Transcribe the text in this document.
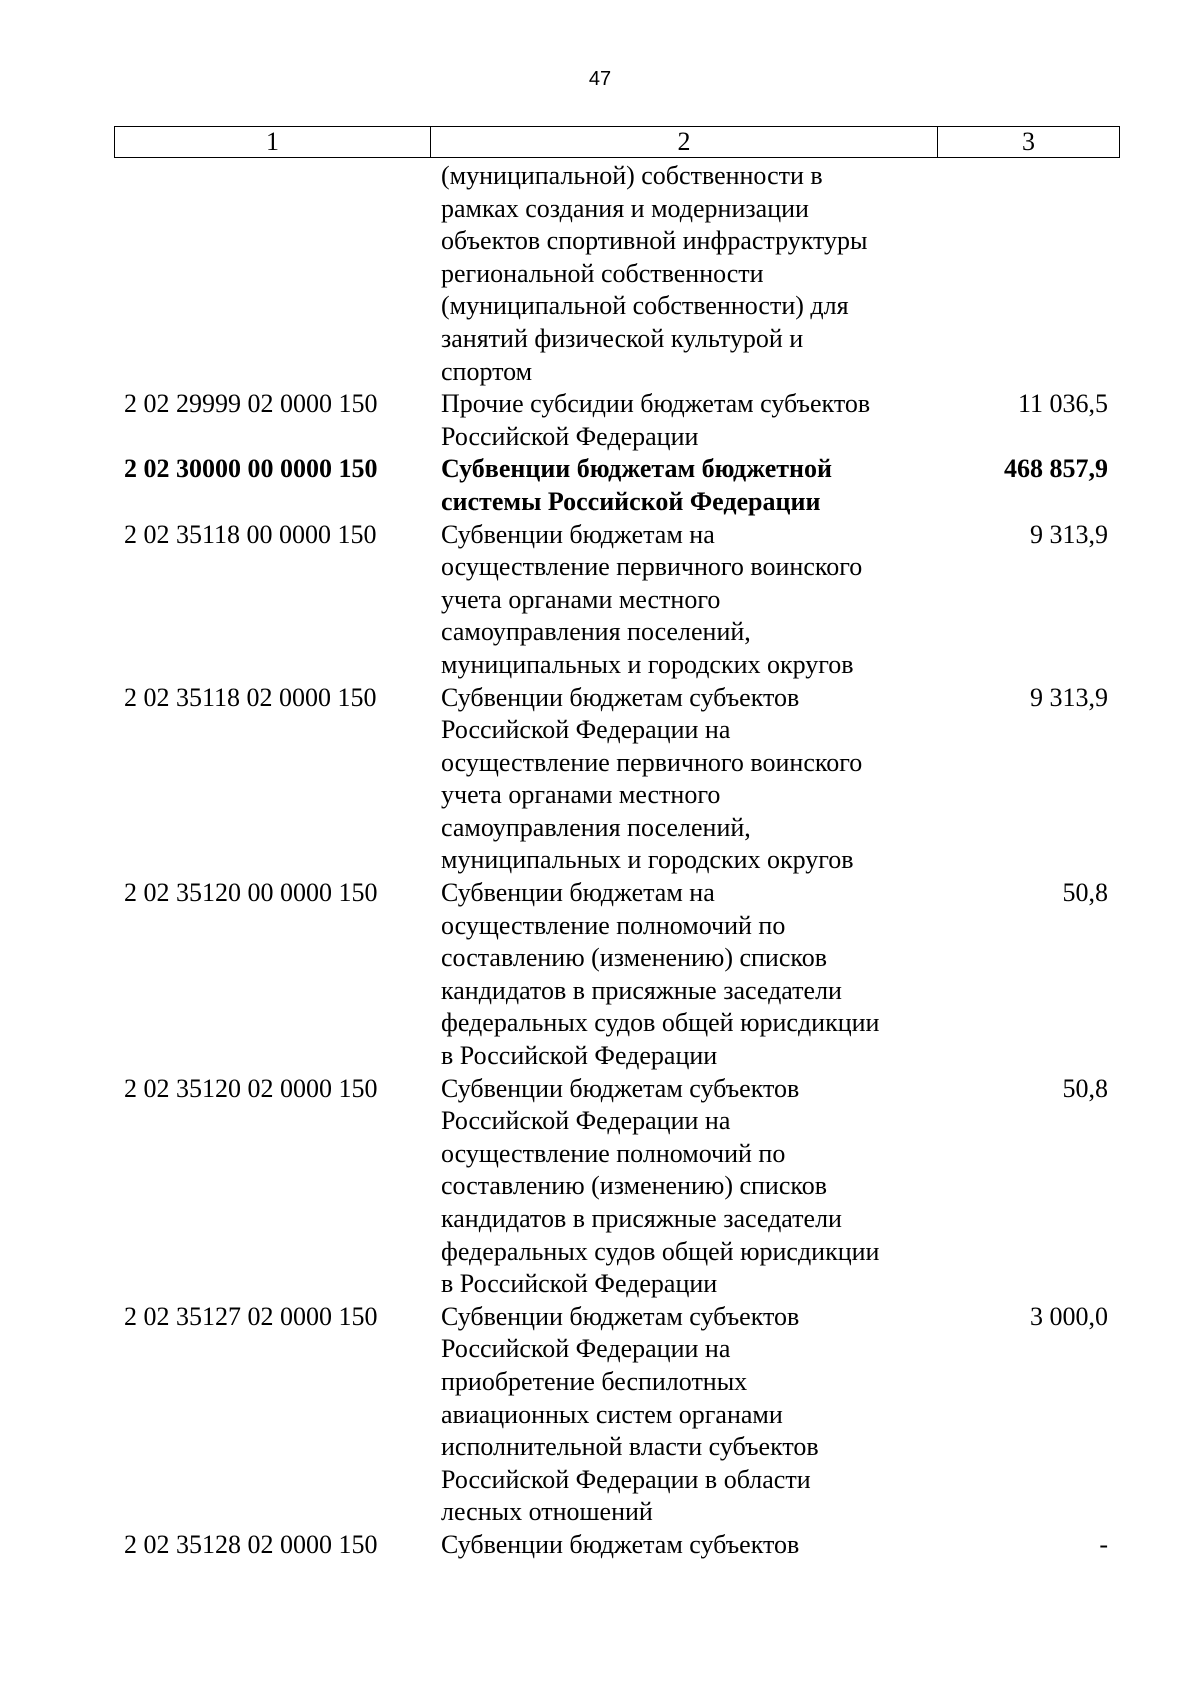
47
1	2	3
(муниципальной) собственности в
рамках создания и модернизации
объектов спортивной инфраструктуры
региональной собственности
(муниципальной собственности) для
занятий физической культурой и
спортом
2 02 29999 02 0000 150	Прочие субсидии бюджетам субъектов
Российской Федерации
11 036,5
2 02 30000 00 0000 150	Субвенции бюджетам бюджетной
системы Российской Федерации
468 857,9
2 02 35118 00 0000 150	Субвенции бюджетам на
осуществление первичного воинского
учета органами местного
самоуправления поселений,
муниципальных и городских округов
9 313,9
2 02 35118 02 0000 150	Субвенции бюджетам субъектов
Российской Федерации на
осуществление первичного воинского
учета органами местного
самоуправления поселений,
муниципальных и городских округов
9 313,9
2 02 35120 00 0000 150	Субвенции бюджетам на
осуществление полномочий по
составлению (изменению) списков
кандидатов в присяжные заседатели
федеральных судов общей юрисдикции
в Российской Федерации
50,8
2 02 35120 02 0000 150	Субвенции бюджетам субъектов
Российской Федерации на
осуществление полномочий по
составлению (изменению) списков
кандидатов в присяжные заседатели
федеральных судов общей юрисдикции
в Российской Федерации
50,8
2 02 35127 02 0000 150	Субвенции бюджетам субъектов
Российской Федерации на
приобретение беспилотных
авиационных систем органами
исполнительной власти субъектов
Российской Федерации в области
лесных отношений
3 000,0
2 02 35128 02 0000 150	Субвенции бюджетам субъектов	-
